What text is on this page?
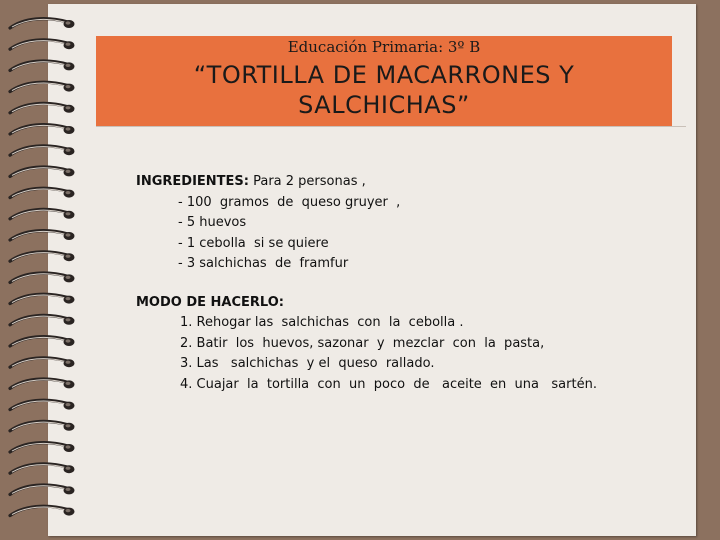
Educación Primaria: 3º B
“TORTILLA DE MACARRONES Y
SALCHICHAS”
INGREDIENTES: Para 2 personas ,
- 100  gramos  de  queso gruyer  ,
- 5 huevos
- 1 cebolla  si se quiere
- 3 salchichas  de  framfur
MODO DE HACERLO:
1. Rehogar las  salchichas  con  la  cebolla .
2. Batir  los  huevos, sazonar  y  mezclar  con  la  pasta,
3. Las   salchichas  y el  queso  rallado.
4. Cuajar  la  tortilla  con  un  poco  de   aceite  en  una   sartén.
